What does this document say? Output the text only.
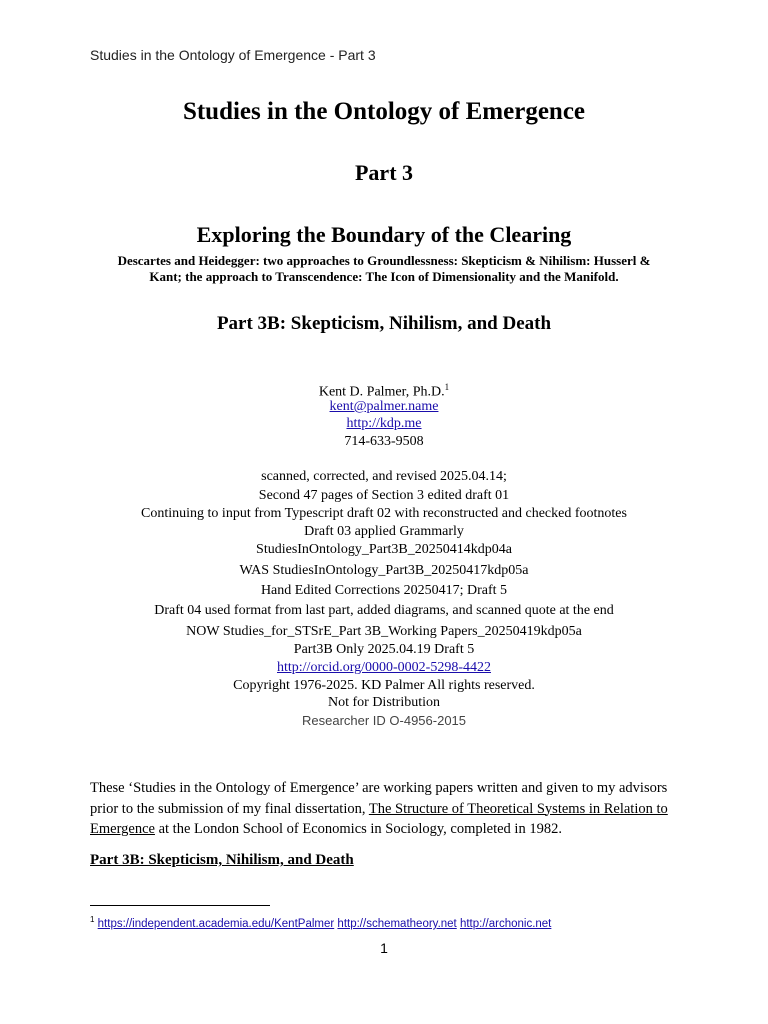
Studies in the Ontology of Emergence - Part 3
Studies in the Ontology of Emergence
Part 3
Exploring the Boundary of the Clearing
Descartes and Heidegger: two approaches to Groundlessness: Skepticism & Nihilism: Husserl &
Kant; the approach to Transcendence: The Icon of Dimensionality and the Manifold.
Part 3B: Skepticism, Nihilism, and Death
Kent D. Palmer, Ph.D.$^1$
kent@palmer.name
http://kdp.me
714-633-9508
scanned, corrected, and revised 2025.04.14;
Second 47 pages of Section 3 edited draft 01
Continuing to input from Typescript draft 02 with reconstructed and checked footnotes
Draft 03 applied Grammarly
StudiesInOntology_Part3B_20250414kdp04a
WAS StudiesInOntology_Part3B_20250417kdp05a
Hand Edited Corrections 20250417; Draft 5
Draft 04 used format from last part, added diagrams, and scanned quote at the end
NOW Studies_for_STSrE_Part 3B_Working Papers_20250419kdp05a
Part3B Only 2025.04.19 Draft 5
http://orcid.org/0000-0002-5298-4422
Copyright 1976-2025. KD Palmer All rights reserved.
Not for Distribution
Researcher ID O-4956-2015
These ‘Studies in the Ontology of Emergence’ are working papers written and given to my advisors prior to the submission of my final dissertation, The Structure of Theoretical Systems in Relation to Emergence at the London School of Economics in Sociology, completed in 1982.
Part 3B: Skepticism, Nihilism, and Death
$^1$ https://independent.academia.edu/KentPalmer http://schematheory.net http://archonic.net
1
